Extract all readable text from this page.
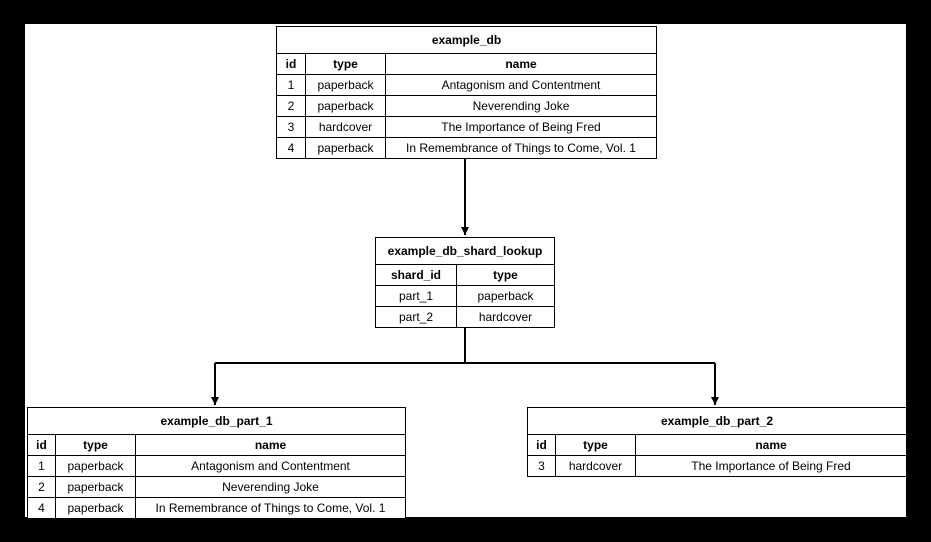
example_db		
id	type	name
1	paperback	Antagonism and Contentment
2	paperback	Neverending Joke
3	hardcover	The Importance of Being Fred
4	paperback	In Remembrance of Things to Come, Vol. 1
example_db_shard_lookup	
shard_id	type
part_1	paperback
part_2	hardcover
example_db_part_1		
id	type	name
1	paperback	Antagonism and Contentment
2	paperback	Neverending Joke
4	paperback	In Remembrance of Things to Come, Vol. 1
example_db_part_2		
id	type	name
3	hardcover	The Importance of Being Fred
